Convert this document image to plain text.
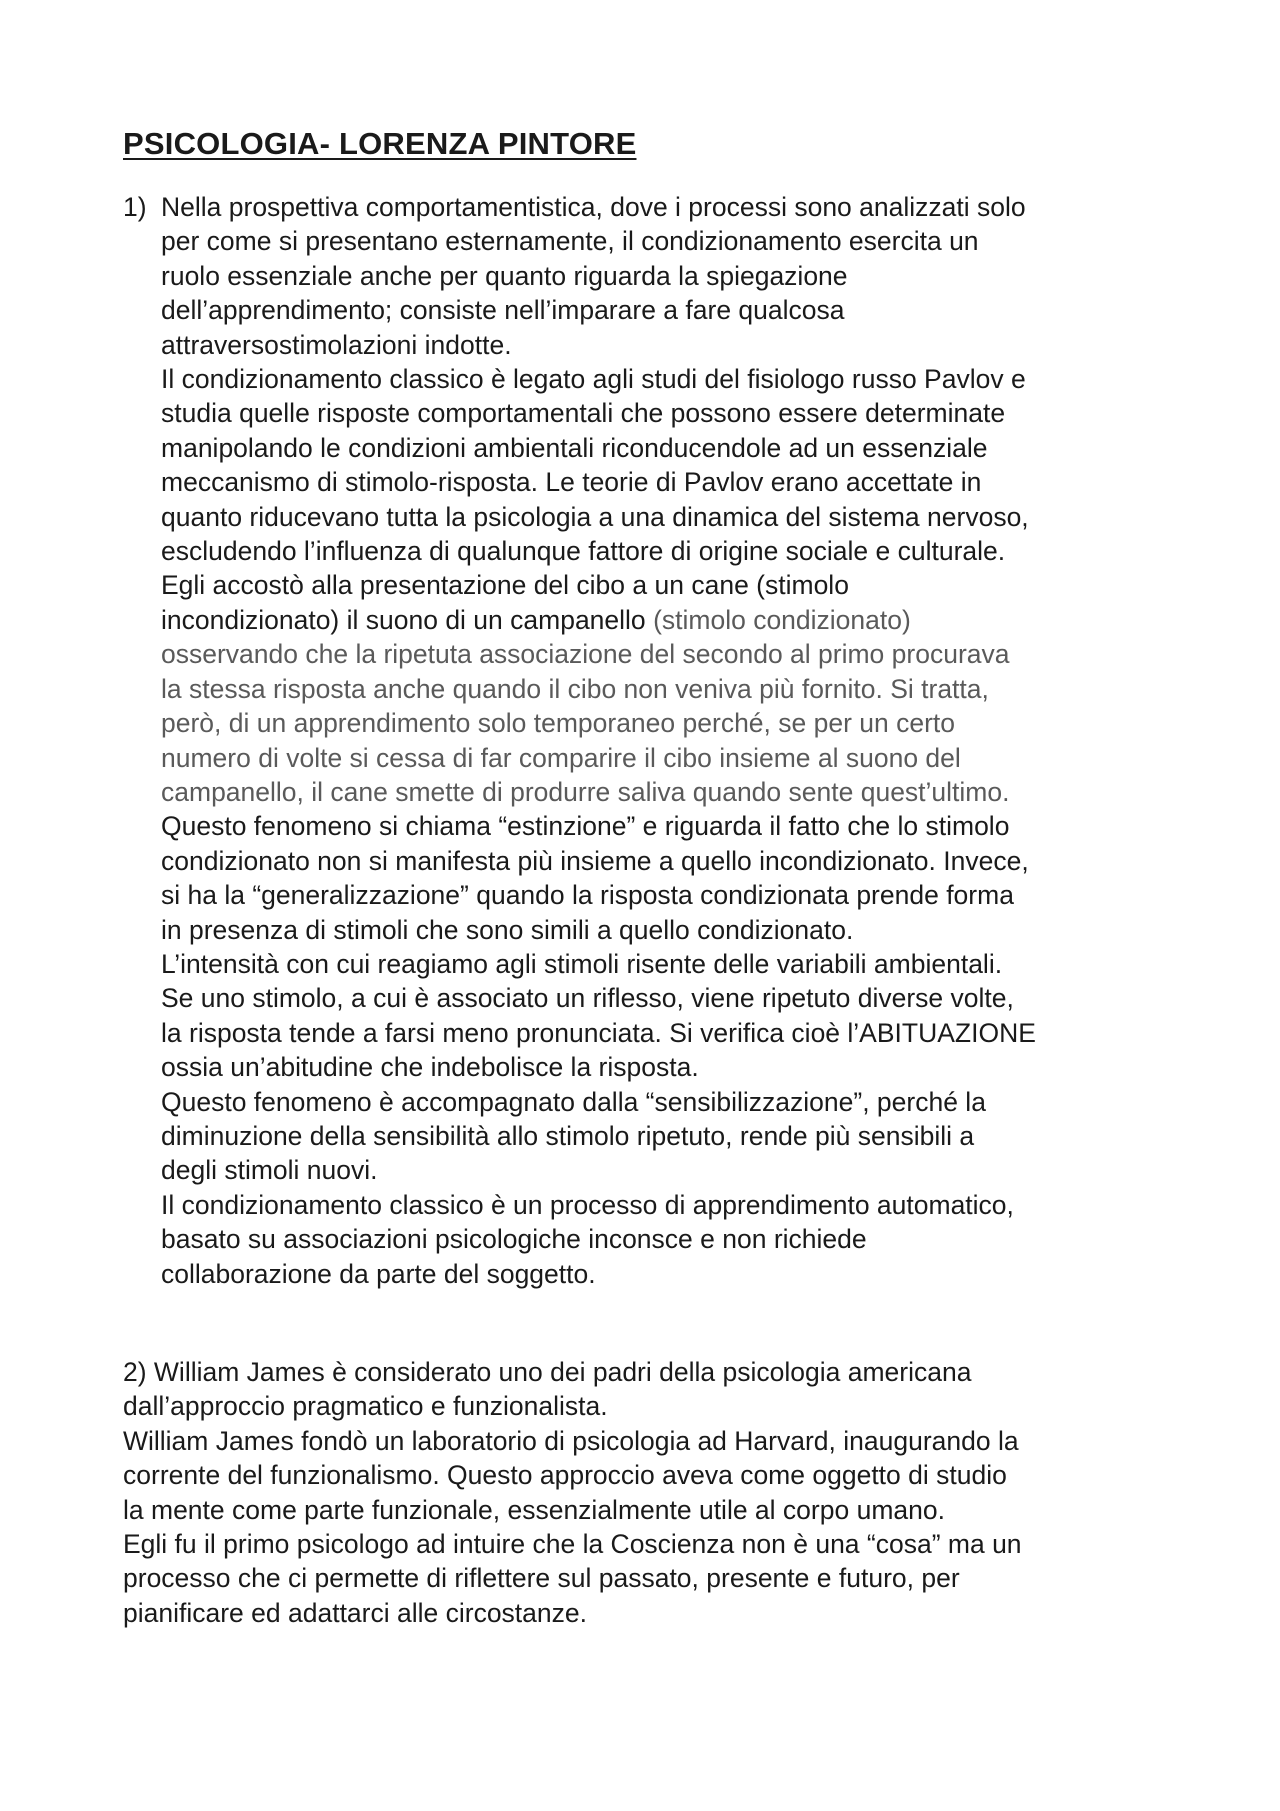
PSICOLOGIA- LORENZA PINTORE
1) Nella prospettiva comportamentistica, dove i processi sono analizzati solo
per come si presentano esternamente, il condizionamento esercita un
ruolo essenziale anche per quanto riguarda la spiegazione
dell’apprendimento; consiste nell’imparare a fare qualcosa
attraversostimolazioni indotte.
Il condizionamento classico è legato agli studi del fisiologo russo Pavlov e
studia quelle risposte comportamentali che possono essere determinate
manipolando le condizioni ambientali riconducendole ad un essenziale
meccanismo di stimolo-risposta. Le teorie di Pavlov erano accettate in
quanto riducevano tutta la psicologia a una dinamica del sistema nervoso,
escludendo l’influenza di qualunque fattore di origine sociale e culturale.
Egli accostò alla presentazione del cibo a un cane (stimolo
incondizionato) il suono di un campanello (stimolo condizionato)
osservando che la ripetuta associazione del secondo al primo procurava
la stessa risposta anche quando il cibo non veniva più fornito. Si tratta,
però, di un apprendimento solo temporaneo perché, se per un certo
numero di volte si cessa di far comparire il cibo insieme al suono del
campanello, il cane smette di produrre saliva quando sente quest’ultimo.
Questo fenomeno si chiama “estinzione” e riguarda il fatto che lo stimolo
condizionato non si manifesta più insieme a quello incondizionato. Invece,
si ha la “generalizzazione” quando la risposta condizionata prende forma
in presenza di stimoli che sono simili a quello condizionato.
L’intensità con cui reagiamo agli stimoli risente delle variabili ambientali.
Se uno stimolo, a cui è associato un riflesso, viene ripetuto diverse volte,
la risposta tende a farsi meno pronunciata. Si verifica cioè l’ABITUAZIONE
ossia un’abitudine che indebolisce la risposta.
Questo fenomeno è accompagnato dalla “sensibilizzazione”, perché la
diminuzione della sensibilità allo stimolo ripetuto, rende più sensibili a
degli stimoli nuovi.
Il condizionamento classico è un processo di apprendimento automatico,
basato su associazioni psicologiche inconsce e non richiede
collaborazione da parte del soggetto.
2) William James è considerato uno dei padri della psicologia americana
dall’approccio pragmatico e funzionalista.
William James fondò un laboratorio di psicologia ad Harvard, inaugurando la
corrente del funzionalismo. Questo approccio aveva come oggetto di studio
la mente come parte funzionale, essenzialmente utile al corpo umano.
Egli fu il primo psicologo ad intuire che la Coscienza non è una “cosa” ma un
processo che ci permette di riflettere sul passato, presente e futuro, per
pianificare ed adattarci alle circostanze.
